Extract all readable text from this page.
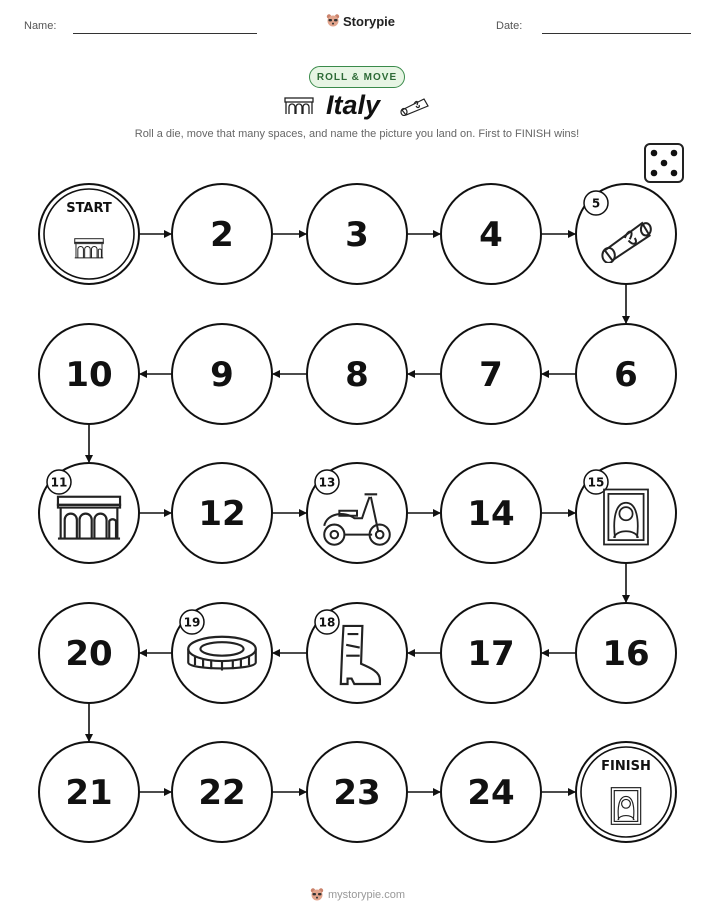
Name:	Storypie	Date:
ROLL & MOVE
Italy
Roll a die, move that many spaces, and name the picture you land on. First to FINISH wins!
START
2	3	4
5
6
7
8
9
10
11
12
13
14
15
16
17
18
19
20
21	22	23	24
FINISH
mystorypie.com
